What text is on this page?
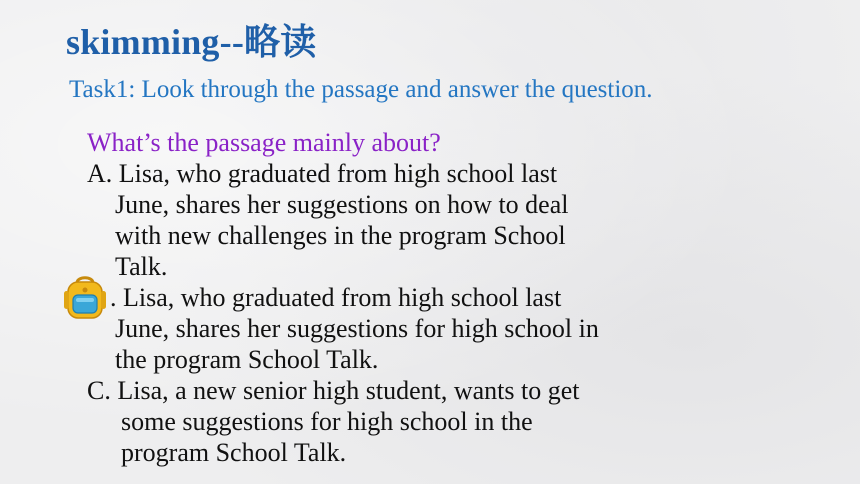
skimming--略读
Task1: Look through the passage and answer the question.
What’s the passage mainly about?
A. Lisa, who graduated from high school last
June, shares her suggestions on how to deal
with new challenges in the program School
Talk.
. Lisa, who graduated from high school last
June, shares her suggestions for high school in
the program School Talk.
C. Lisa, a new senior high student, wants to get
some suggestions for high school in the
program School Talk.
